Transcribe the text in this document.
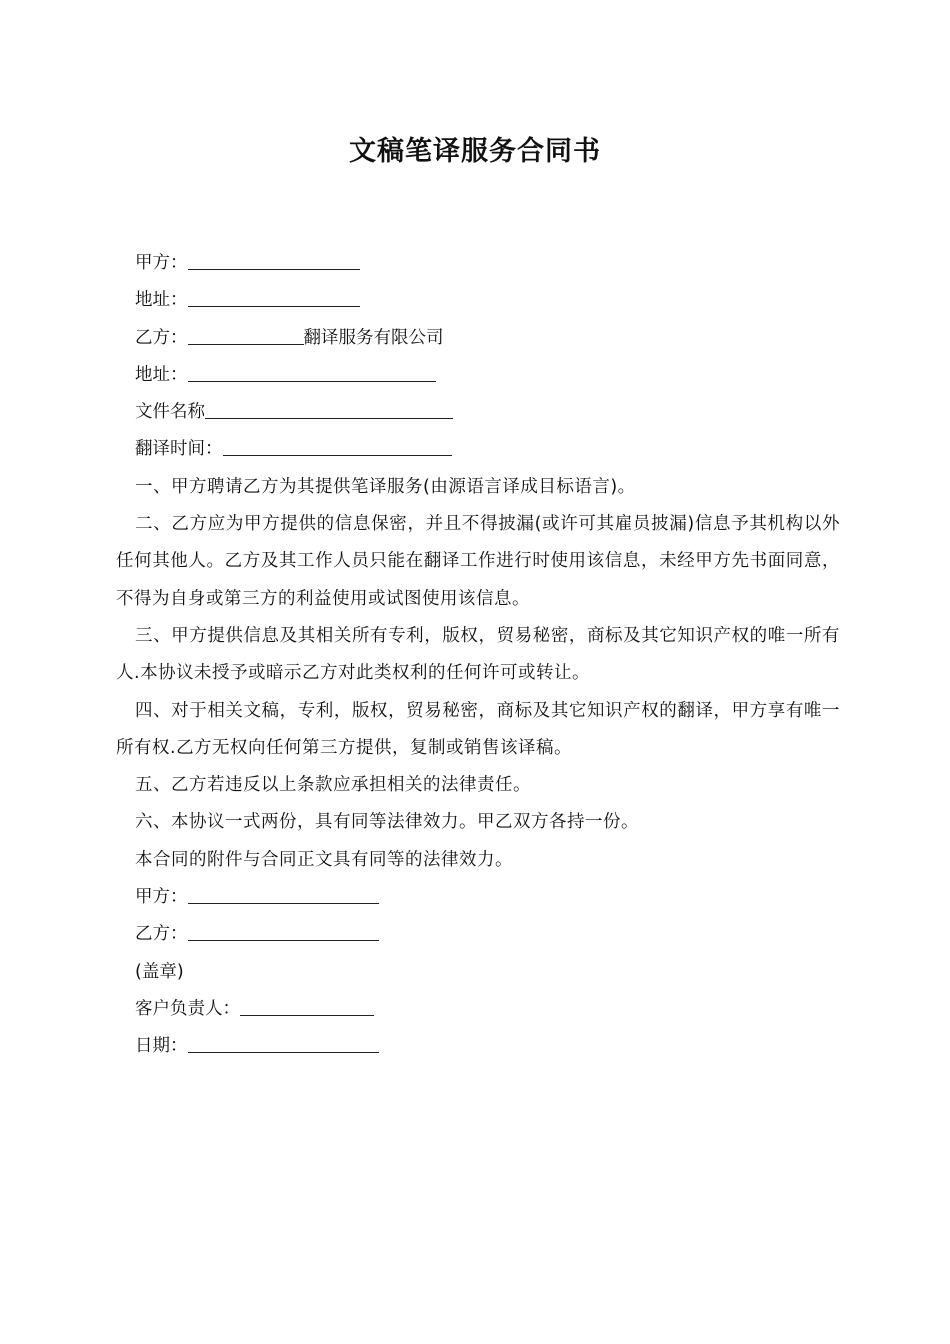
文稿笔译服务合同书
甲方：
地址：
乙方：	翻译服务有限公司
地址：
文件名称
翻译时间：
一、甲方聘请乙方为其提供笔译服务(由源语言译成目标语言)。
二、乙方应为甲方提供的信息保密，并且不得披漏(或许可其雇员披漏)信息予其机构以外任何其他人。乙方及其工作人员只能在翻译工作进行时使用该信息，未经甲方先书面同意，不得为自身或第三方的利益使用或试图使用该信息。
三、甲方提供信息及其相关所有专利，版权，贸易秘密，商标及其它知识产权的唯一所有人.本协议未授予或暗示乙方对此类权利的任何许可或转让。
四、对于相关文稿，专利，版权，贸易秘密，商标及其它知识产权的翻译，甲方享有唯一所有权.乙方无权向任何第三方提供，复制或销售该译稿。
五、乙方若违反以上条款应承担相关的法律责任。
六、本协议一式两份，具有同等法律效力。甲乙双方各持一份。
本合同的附件与合同正文具有同等的法律效力。
甲方：
乙方：
(盖章)
客户负责人：
日期：
